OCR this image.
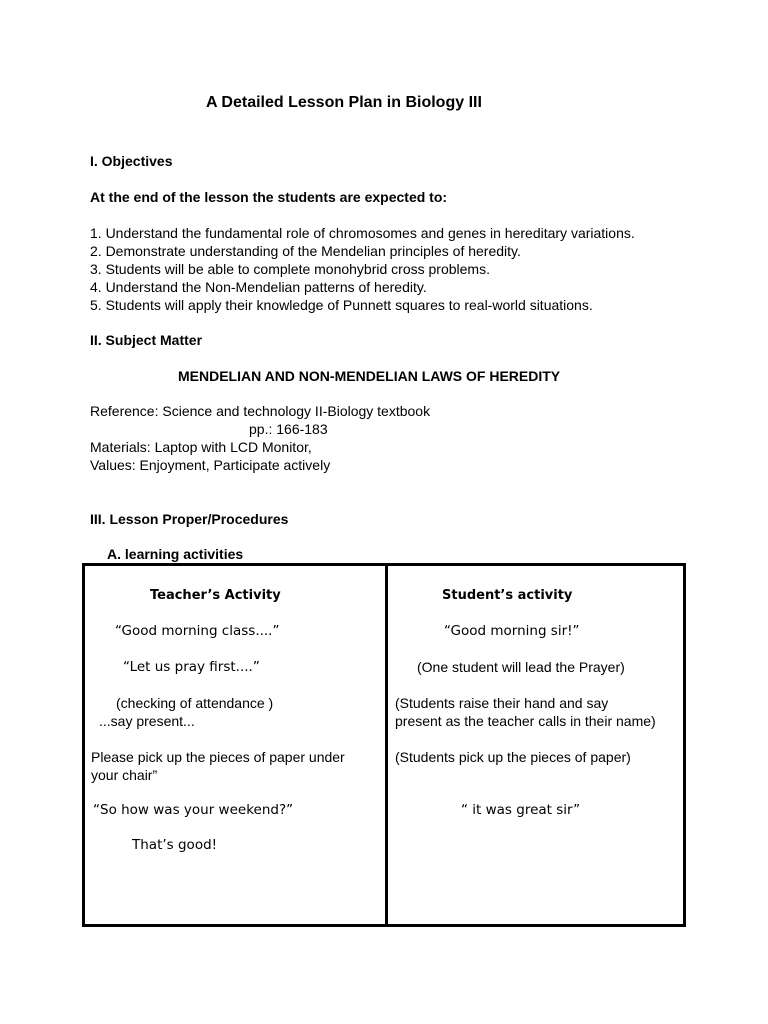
A Detailed Lesson Plan in Biology III
I. Objectives
At the end of the lesson the students are expected to:
1. Understand the fundamental role of chromosomes and genes in hereditary variations.
2. Demonstrate understanding of the Mendelian principles of heredity.
3. Students will be able to complete monohybrid cross problems.
4. Understand the Non-Mendelian patterns of heredity.
5. Students will apply their knowledge of Punnett squares to real-world situations.
II. Subject Matter
MENDELIAN AND NON-MENDELIAN LAWS OF HEREDITY
Reference: Science and technology II-Biology textbook
pp.: 166-183
Materials: Laptop with LCD Monitor,
Values: Enjoyment, Participate actively
III. Lesson Proper/Procedures
A. learning activities
Teacher’s Activity	Student’s activity
“Good morning class....”
“Let us pray first....”
(checking of attendance )
...say present...
Please pick up the pieces of paper under
your chair”
“So how was your weekend?”
That’s good!
“Good morning sir!”
(One student will lead the Prayer)
(Students raise their hand and say
present as the teacher calls in their name)
(Students pick up the pieces of paper)
“ it was great sir”
